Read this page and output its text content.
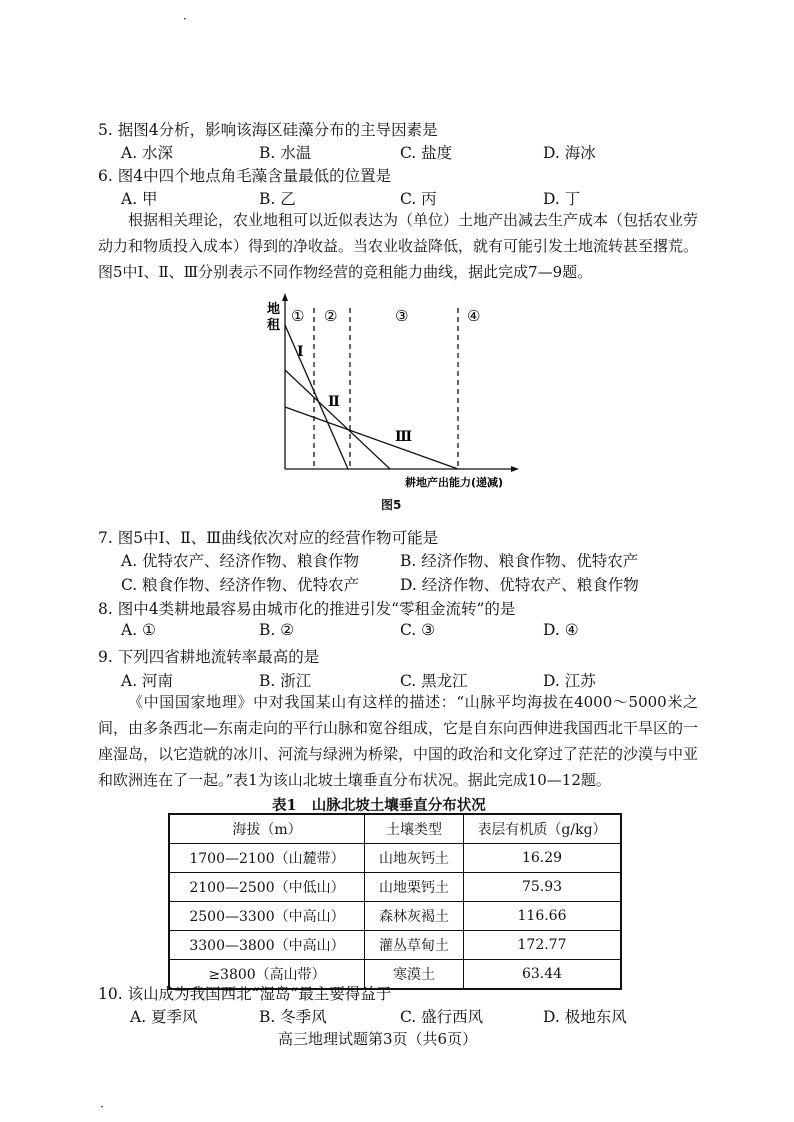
5. 据图4分析，影响该海区硅藻分布的主导因素是
A. 水深	B. 水温	C. 盐度	D. 海冰
6. 图4中四个地点角毛藻含量最低的位置是
A. 甲	B. 乙	C. 丙	D. 丁

根据相关理论，农业地租可以近似表达为（单位）土地产出减去生产成本（包括农业劳动力和物质投入成本）得到的净收益。当农业收益降低，就有可能引发土地流转甚至撂荒。图5中Ⅰ、Ⅱ、Ⅲ分别表示不同作物经营的竞租能力曲线，据此完成7—9题。

地
租
① ②	③	④
Ⅰ
Ⅱ
Ⅲ
耕地产出能力(递减)
图5
7. 图5中Ⅰ、Ⅱ、Ⅲ曲线依次对应的经营作物可能是
A. 优特农产、经济作物、粮食作物	B. 经济作物、粮食作物、优特农产
C. 粮食作物、经济作物、优特农产	D. 经济作物、优特农产、粮食作物
8. 图中4类耕地最容易由城市化的推进引发“零租金流转”的是
A. ①	B. ②	C. ③	D. ④
9. 下列四省耕地流转率最高的是
A. 河南	B. 浙江	C. 黑龙江	D. 江苏

《中国国家地理》中对我国某山有这样的描述：“山脉平均海拔在4000～5000米之间，由多条西北—东南走向的平行山脉和宽谷组成，它是自东向西伸进我国西北干旱区的一座湿岛，以它造就的冰川、河流与绿洲为桥梁，中国的政治和文化穿过了茫茫的沙漠与中亚和欧洲连在了一起。”表1为该山北坡土壤垂直分布状况。据此完成10—12题。

表1   山脉北坡土壤垂直分布状况
海拔（m）	土壤类型	表层有机质（g/kg）
1700—2100（山麓带）	山地灰钙土	16.29
2100—2500（中低山）	山地栗钙土	75.93
2500—3300（中高山）	森林灰褐土	116.66
3300—3800（中高山）	灌丛草甸土	172.77
≥3800（高山带）	寒漠土	63.44
10. 该山成为我国西北“湿岛”最主要得益于
A. 夏季风	B. 冬季风	C. 盛行西风	D. 极地东风
高三地理试题第3页（共6页）
·
·
